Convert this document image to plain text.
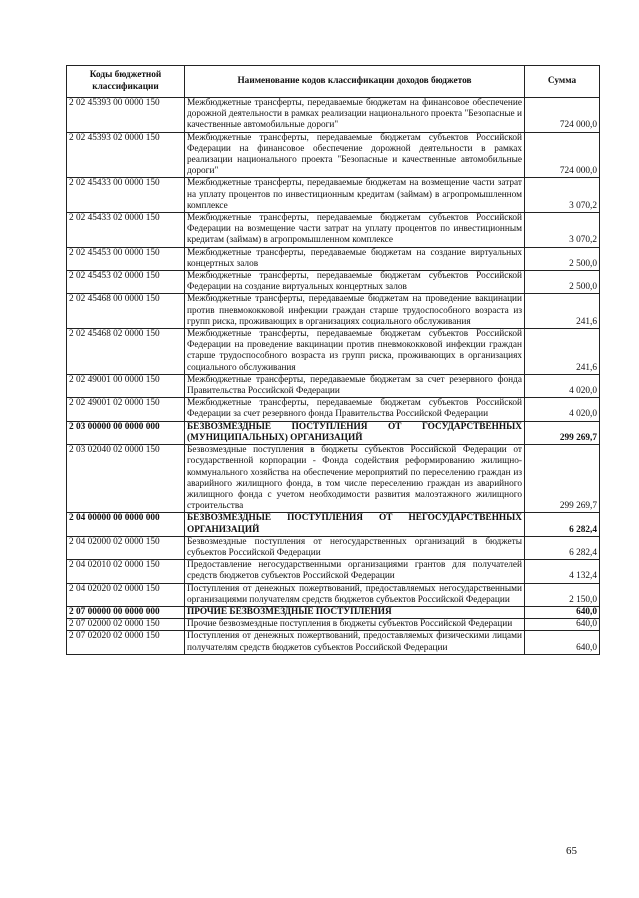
Коды бюджетной классификации	Наименование кодов классификации доходов бюджетов	Сумма
2 02 45393 00 0000 150	Межбюджетные трансферты, передаваемые бюджетам на финансовое обеспечение дорожной деятельности в рамках реализации национального проекта "Безопасные и качественные автомобильные дороги"	724 000,0
2 02 45393 02 0000 150	Межбюджетные трансферты, передаваемые бюджетам субъектов Российской Федерации на финансовое обеспечение дорожной деятельности в рамках реализации национального проекта "Безопасные и качественные автомобильные дороги"	724 000,0
2 02 45433 00 0000 150	Межбюджетные трансферты, передаваемые бюджетам на возмещение части затрат на уплату процентов по инвестиционным кредитам (займам) в агропромышленном комплексе	3 070,2
2 02 45433 02 0000 150	Межбюджетные трансферты, передаваемые бюджетам субъектов Российской Федерации на возмещение части затрат на уплату процентов по инвестиционным кредитам (займам) в агропромышленном комплексе	3 070,2
2 02 45453 00 0000 150	Межбюджетные трансферты, передаваемые бюджетам на создание виртуальных концертных залов	2 500,0
2 02 45453 02 0000 150	Межбюджетные трансферты, передаваемые бюджетам субъектов Российской Федерации на создание виртуальных концертных залов	2 500,0
2 02 45468 00 0000 150	Межбюджетные трансферты, передаваемые бюджетам на проведение вакцинации против пневмококковой инфекции граждан старше трудоспособного возраста из групп риска, проживающих в организациях социального обслуживания	241,6
2 02 45468 02 0000 150	Межбюджетные трансферты, передаваемые бюджетам субъектов Российской Федерации на проведение вакцинации против пневмококковой инфекции граждан старше трудоспособного возраста из групп риска, проживающих в организациях социального обслуживания	241,6
2 02 49001 00 0000 150	Межбюджетные трансферты, передаваемые бюджетам за счет резервного фонда Правительства Российской Федерации	4 020,0
2 02 49001 02 0000 150	Межбюджетные трансферты, передаваемые бюджетам субъектов Российской Федерации за счет резервного фонда Правительства Российской Федерации	4 020,0
2 03 00000 00 0000 000	БЕЗВОЗМЕЗДНЫЕ ПОСТУПЛЕНИЯ ОТ ГОСУДАРСТВЕННЫХ (МУНИЦИПАЛЬНЫХ) ОРГАНИЗАЦИЙ	299 269,7
2 03 02040 02 0000 150	Безвозмездные поступления в бюджеты субъектов Российской Федерации от государственной корпорации - Фонда содействия реформированию жилищно-коммунального хозяйства на обеспечение мероприятий по переселению граждан из аварийного жилищного фонда, в том числе переселению граждан из аварийного жилищного фонда с учетом необходимости развития малоэтажного жилищного строительства	299 269,7
2 04 00000 00 0000 000	БЕЗВОЗМЕЗДНЫЕ ПОСТУПЛЕНИЯ ОТ НЕГОСУДАРСТВЕННЫХ ОРГАНИЗАЦИЙ	6 282,4
2 04 02000 02 0000 150	Безвозмездные поступления от негосударственных организаций в бюджеты субъектов Российской Федерации	6 282,4
2 04 02010 02 0000 150	Предоставление негосударственными организациями грантов для получателей средств бюджетов субъектов Российской Федерации	4 132,4
2 04 02020 02 0000 150	Поступления от денежных пожертвований, предоставляемых негосударственными организациями получателям средств бюджетов субъектов Российской Федерации	2 150,0
2 07 00000 00 0000 000	ПРОЧИЕ БЕЗВОЗМЕЗДНЫЕ ПОСТУПЛЕНИЯ	640,0
2 07 02000 02 0000 150	Прочие безвозмездные поступления в бюджеты субъектов Российской Федерации	640,0
2 07 02020 02 0000 150	Поступления от денежных пожертвований, предоставляемых физическими лицами получателям средств бюджетов субъектов Российской Федерации	640,0
65
